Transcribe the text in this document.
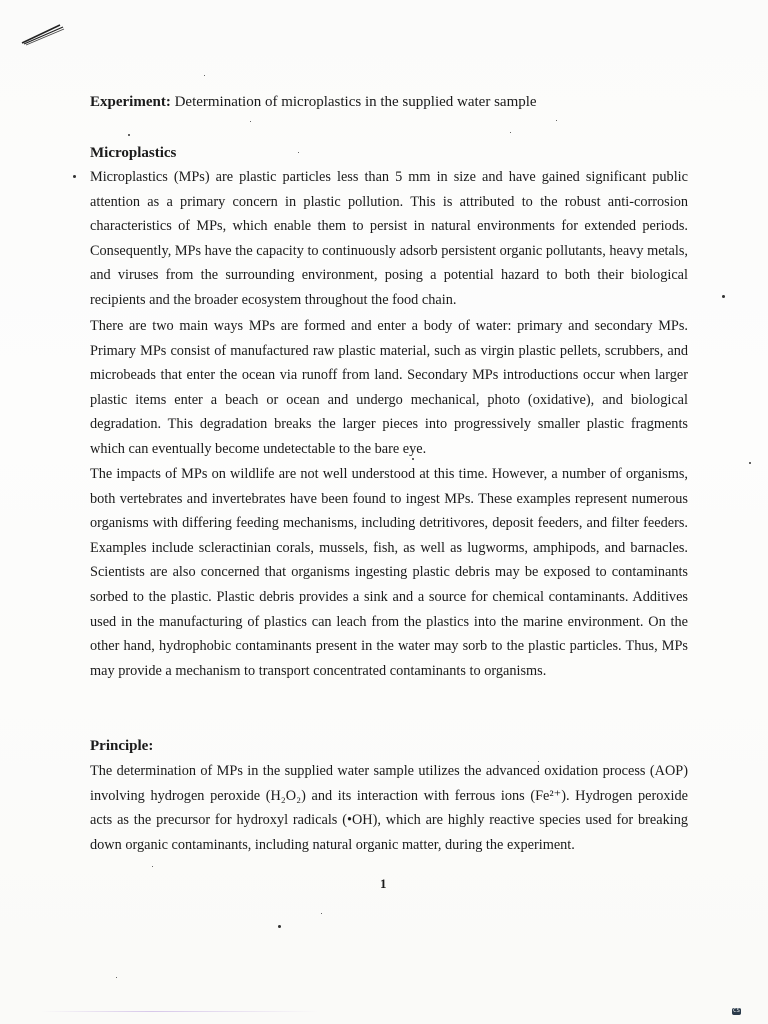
Experiment: Determination of microplastics in the supplied water sample
Microplastics
Microplastics (MPs) are plastic particles less than 5 mm in size and have gained significant public attention as a primary concern in plastic pollution. This is attributed to the robust anti-corrosion characteristics of MPs, which enable them to persist in natural environments for extended periods. Consequently, MPs have the capacity to continuously adsorb persistent organic pollutants, heavy metals, and viruses from the surrounding environment, posing a potential hazard to both their biological recipients and the broader ecosystem throughout the food chain.
There are two main ways MPs are formed and enter a body of water: primary and secondary MPs. Primary MPs consist of manufactured raw plastic material, such as virgin plastic pellets, scrubbers, and microbeads that enter the ocean via runoff from land. Secondary MPs introductions occur when larger plastic items enter a beach or ocean and undergo mechanical, photo (oxidative), and biological degradation. This degradation breaks the larger pieces into progressively smaller plastic fragments which can eventually become undetectable to the bare eye.
The impacts of MPs on wildlife are not well understood at this time. However, a number of organisms, both vertebrates and invertebrates have been found to ingest MPs. These examples represent numerous organisms with differing feeding mechanisms, including detritivores, deposit feeders, and filter feeders. Examples include scleractinian corals, mussels, fish, as well as lugworms, amphipods, and barnacles. Scientists are also concerned that organisms ingesting plastic debris may be exposed to contaminants sorbed to the plastic. Plastic debris provides a sink and a source for chemical contaminants. Additives used in the manufacturing of plastics can leach from the plastics into the marine environment. On the other hand, hydrophobic contaminants present in the water may sorb to the plastic particles. Thus, MPs may provide a mechanism to transport concentrated contaminants to organisms.
Principle:
The determination of MPs in the supplied water sample utilizes the advanced oxidation process (AOP) involving hydrogen peroxide (H₂O₂) and its interaction with ferrous ions (Fe²⁺). Hydrogen peroxide acts as the precursor for hydroxyl radicals (•OH), which are highly reactive species used for breaking down organic contaminants, including natural organic matter, during the experiment.
1
CS
